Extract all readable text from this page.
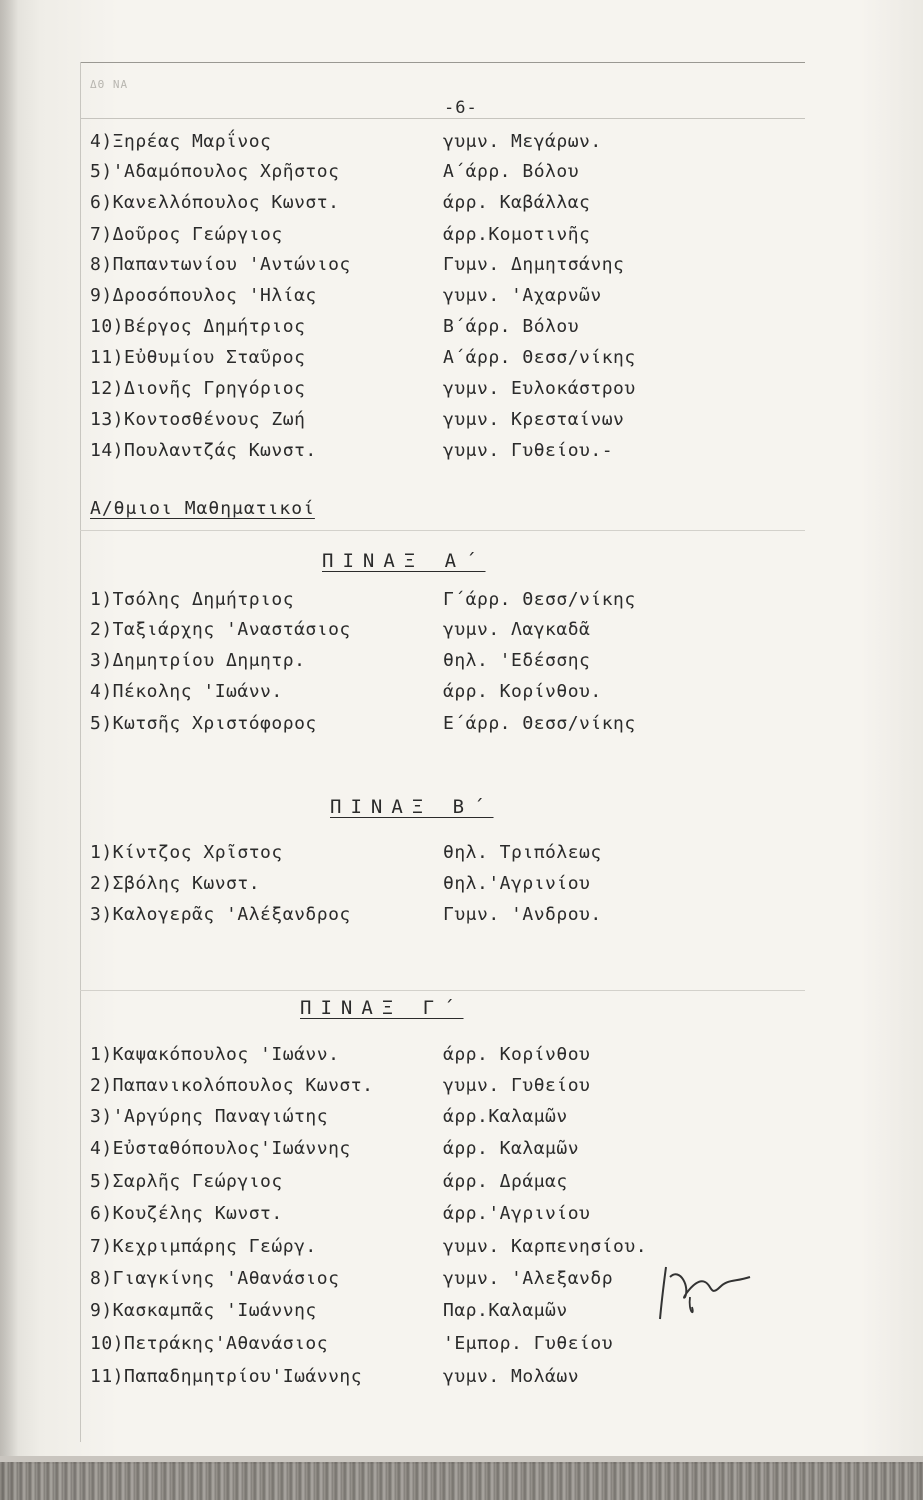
ΔΘ ΝΑ
-6-
4)Ξηρέας Μαρΐνος	γυμν. Μεγάρων.
5)'Αδαμόπουλος Χρῆστος	Α΄άρρ. Βόλου
6)Κανελλόπουλος Κωνστ.	άρρ. Καβάλλας
7)Δοῦρος Γεώργιος	άρρ.Κομοτινῆς
8)Παπαντωνίου 'Αντώνιος	Γυμν. Δημητσάνης
9)Δροσόπουλος 'Ηλίας	γυμν. 'Αχαρνῶν
10)Βέργος Δημήτριος	Β΄άρρ. Βόλου
11)Εὐθυμίου Σταῦρος	Α΄άρρ. Θεσσ/νίκης
12)Διονῆς Γρηγόριος	γυμν. Ευλοκάστρου
13)Κοντοσθένους Ζωή	γυμν. Κρεσταίνων
14)Πουλαντζάς Κωνστ.	γυμν. Γυθείου.-
Α/θμιοι Μαθηματικοί
ΠΙΝΑΞ Α΄
1)Τσόλης Δημήτριος	Γ΄άρρ. Θεσσ/νίκης
2)Ταξιάρχης 'Αναστάσιος	γυμν. Λαγκαδᾶ
3)Δημητρίου Δημητρ.	θηλ. 'Εδέσσης
4)Πέκολης 'Ιωάνν.	άρρ. Κορίνθου.
5)Κωτσῆς Χριστόφορος	Ε΄άρρ. Θεσσ/νίκης
ΠΙΝΑΞ Β΄
1)Κίντζος Χρῖστος	θηλ. Τριπόλεως
2)Σβόλης Κωνστ.	θηλ.'Αγρινίου
3)Καλογερᾶς 'Αλέξανδρος	Γυμν. 'Ανδρου.
ΠΙΝΑΞ Γ΄
1)Καψακόπουλος 'Ιωάνν.	άρρ. Κορίνθου
2)Παπανικολόπουλος Κωνστ.	γυμν. Γυθείου
3)'Αργύρης Παναγιώτης	άρρ.Καλαμῶν
4)Εὐσταθόπουλος'Ιωάννης	άρρ. Καλαμῶν
5)Σαρλῆς Γεώργιος	άρρ. Δράμας
6)Κουζέλης Κωνστ.	άρρ.'Αγρινίου
7)Κεχριμπάρης Γεώργ.	γυμν. Καρπενησίου.
8)Γιαγκίνης 'Αθανάσιος	γυμν. 'Αλεξανδρ
9)Κασκαμπᾶς 'Ιωάννης	Παρ.Καλαμῶν
10)Πετράκης'Αθανάσιος	'Εμπορ. Γυθείου
11)Παπαδημητρίου'Ιωάννης	γυμν. Μολάων
